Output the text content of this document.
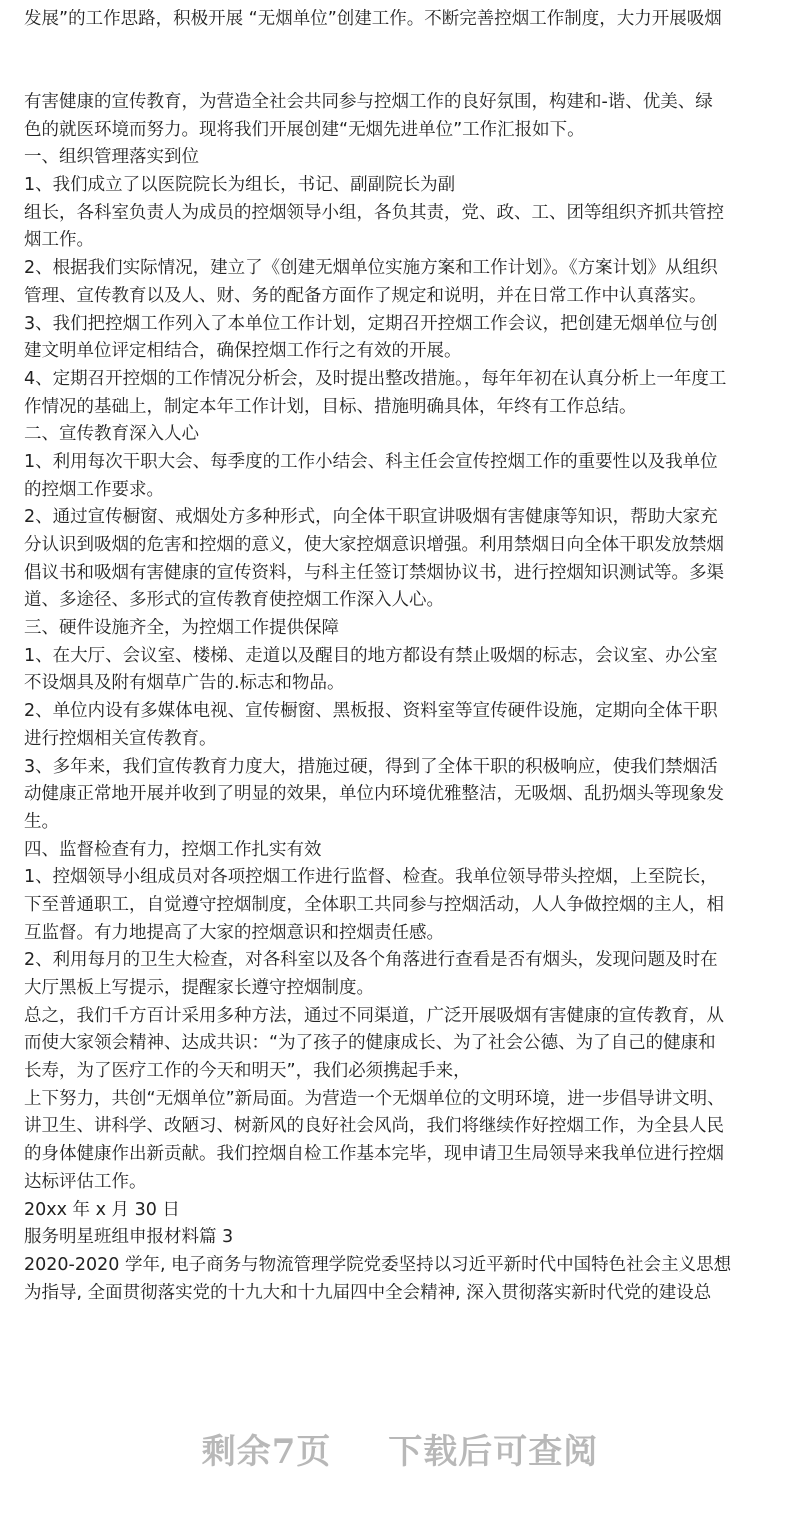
发展”的工作思路，积极开展 “无烟单位”创建工作。不断完善控烟工作制度，大力开展吸烟
有害健康的宣传教育，为营造全社会共同参与控烟工作的良好氛围，构建和-谐、优美、绿
色的就医环境而努力。现将我们开展创建“无烟先进单位”工作汇报如下。
一、组织管理落实到位
1、我们成立了以医院院长为组长，书记、副副院长为副
组长，各科室负责人为成员的控烟领导小组，各负其责，党、政、工、团等组织齐抓共管控
烟工作。
2、根据我们实际情况，建立了《创建无烟单位实施方案和工作计划》。《方案计划》从组织
管理、宣传教育以及人、财、务的配备方面作了规定和说明，并在日常工作中认真落实。
3、我们把控烟工作列入了本单位工作计划，定期召开控烟工作会议，把创建无烟单位与创
建文明单位评定相结合，确保控烟工作行之有效的开展。
4、定期召开控烟的工作情况分析会，及时提出整改措施。，每年年初在认真分析上一年度工
作情况的基础上，制定本年工作计划，目标、措施明确具体，年终有工作总结。
二、宣传教育深入人心
1、利用每次干职大会、每季度的工作小结会、科主任会宣传控烟工作的重要性以及我单位
的控烟工作要求。
2、通过宣传橱窗、戒烟处方多种形式，向全体干职宣讲吸烟有害健康等知识，帮助大家充
分认识到吸烟的危害和控烟的意义，使大家控烟意识增强。利用禁烟日向全体干职发放禁烟
倡议书和吸烟有害健康的宣传资料，与科主任签订禁烟协议书，进行控烟知识测试等。多渠
道、多途径、多形式的宣传教育使控烟工作深入人心。
三、硬件设施齐全，为控烟工作提供保障
1、在大厅、会议室、楼梯、走道以及醒目的地方都设有禁止吸烟的标志，会议室、办公室
不设烟具及附有烟草广告的.标志和物品。
2、单位内设有多媒体电视、宣传橱窗、黑板报、资料室等宣传硬件设施，定期向全体干职
进行控烟相关宣传教育。
3、多年来，我们宣传教育力度大，措施过硬，得到了全体干职的积极响应，使我们禁烟活
动健康正常地开展并收到了明显的效果，单位内环境优雅整洁，无吸烟、乱扔烟头等现象发
生。
四、监督检查有力，控烟工作扎实有效
1、控烟领导小组成员对各项控烟工作进行监督、检查。我单位领导带头控烟，上至院长，
下至普通职工，自觉遵守控烟制度，全体职工共同参与控烟活动，人人争做控烟的主人，相
互监督。有力地提高了大家的控烟意识和控烟责任感。
2、利用每月的卫生大检查，对各科室以及各个角落进行查看是否有烟头，发现问题及时在
大厅黑板上写提示，提醒家长遵守控烟制度。
总之，我们千方百计采用多种方法，通过不同渠道，广泛开展吸烟有害健康的宣传教育，从
而使大家领会精神、达成共识：“为了孩子的健康成长、为了社会公德、为了自己的健康和
长寿，为了医疗工作的今天和明天”，我们必须携起手来，
上下努力，共创“无烟单位”新局面。为营造一个无烟单位的文明环境，进一步倡导讲文明、
讲卫生、讲科学、改陋习、树新风的良好社会风尚，我们将继续作好控烟工作，为全县人民
的身体健康作出新贡献。我们控烟自检工作基本完毕，现申请卫生局领导来我单位进行控烟
达标评估工作。
20xx 年 x 月 30 日
服务明星班组申报材料篇 3
2020-2020 学年, 电子商务与物流管理学院党委坚持以习近平新时代中国特色社会主义思想
为指导, 全面贯彻落实党的十九大和十九届四中全会精神, 深入贯彻落实新时代党的建设总
剩余7页 下载后可查阅
